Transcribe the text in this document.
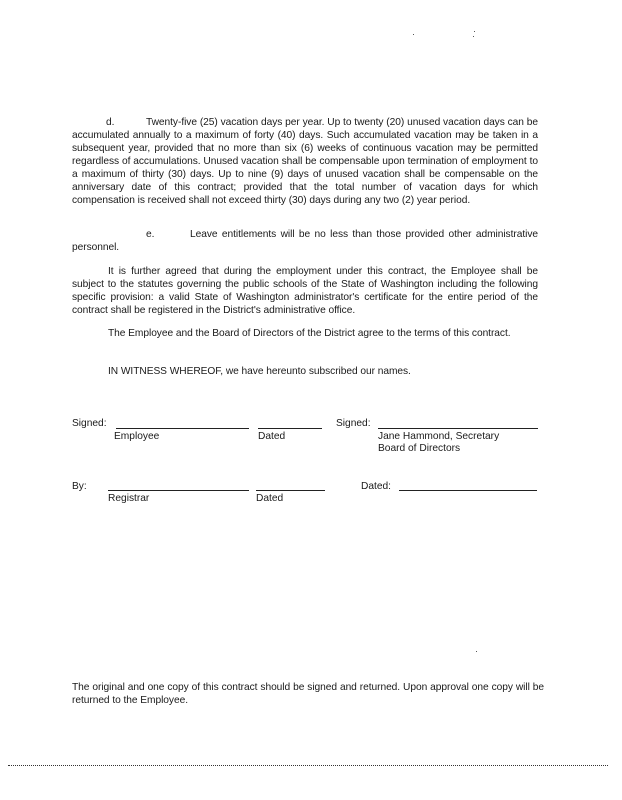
d.	Twenty-five (25) vacation days per year. Up to twenty (20) unused vacation days can be accumulated annually to a maximum of forty (40) days. Such accumulated vacation may be taken in a subsequent year, provided that no more than six (6) weeks of continuous vacation may be permitted regardless of accumulations. Unused vacation shall be compensable upon termination of employment to a maximum of thirty (30) days. Up to nine (9) days of unused vacation shall be compensable on the anniversary date of this contract; provided that the total number of vacation days for which compensation is received shall not exceed thirty (30) days during any two (2) year period.
e.	Leave entitlements will be no less than those provided other administrative personnel.
It is further agreed that during the employment under this contract, the Employee shall be subject to the statutes governing the public schools of the State of Washington including the following specific provision: a valid State of Washington administrator's certificate for the entire period of the contract shall be registered in the District's administrative office.
The Employee and the Board of Directors of the District agree to the terms of this contract.
IN WITNESS WHEREOF, we have hereunto subscribed our names.
Signed:
Employee	Dated
Signed:
Jane Hammond, Secretary
Board of Directors
By:
Registrar	Dated
Dated:
The original and one copy of this contract should be signed and returned. Upon approval one copy will be returned to the Employee.
